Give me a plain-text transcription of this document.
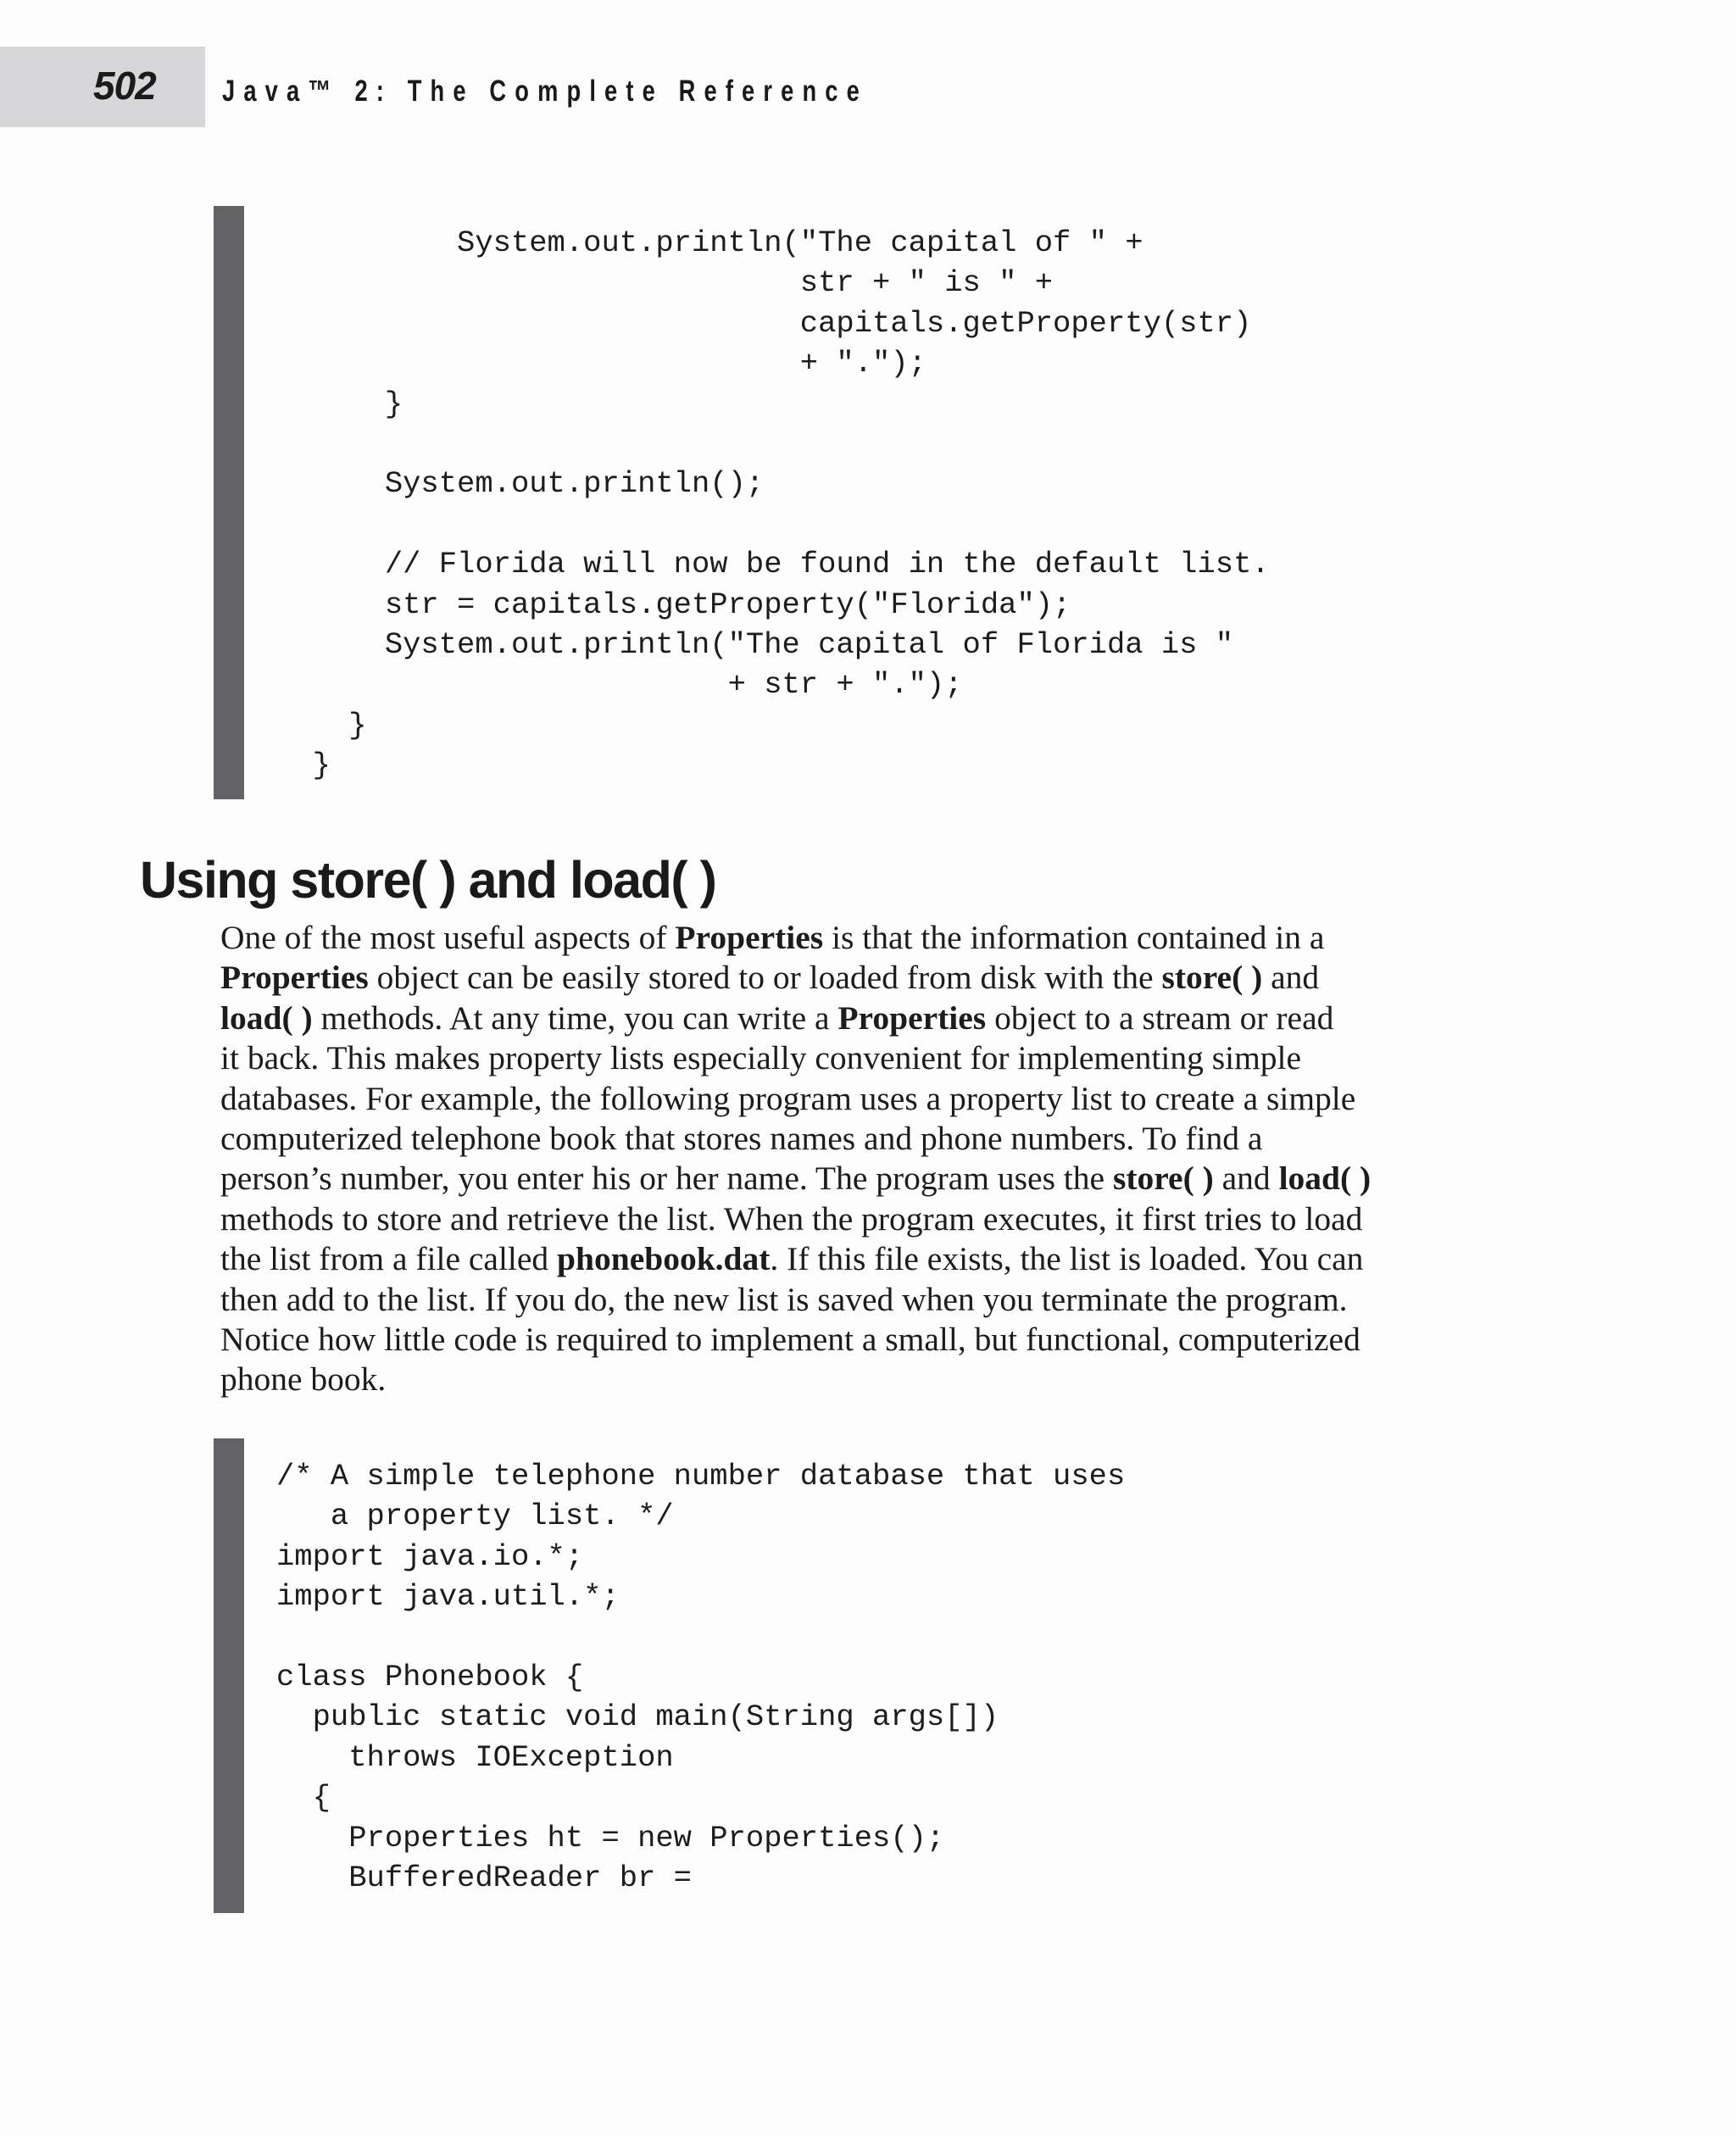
502 Java™ 2: The Complete Reference
System.out.println("The capital of " +
str + " is " +
capitals.getProperty(str)
+ ".");
}

System.out.println();

// Florida will now be found in the default list.
str = capitals.getProperty("Florida");
System.out.println("The capital of Florida is "
+ str + ".");
}
}
Using store( ) and load( )
One of the most useful aspects of Properties is that the information contained in a
Properties object can be easily stored to or loaded from disk with the store( ) and
load( ) methods. At any time, you can write a Properties object to a stream or read
it back. This makes property lists especially convenient for implementing simple
databases. For example, the following program uses a property list to create a simple
computerized telephone book that stores names and phone numbers. To find a
person’s number, you enter his or her name. The program uses the store( ) and load( )
methods to store and retrieve the list. When the program executes, it first tries to load
the list from a file called phonebook.dat. If this file exists, the list is loaded. You can
then add to the list. If you do, the new list is saved when you terminate the program.
Notice how little code is required to implement a small, but functional, computerized
phone book.
/* A simple telephone number database that uses
a property list. */
import java.io.*;
import java.util.*;

class Phonebook {
public static void main(String args[])
throws IOException
{
Properties ht = new Properties();
BufferedReader br =
